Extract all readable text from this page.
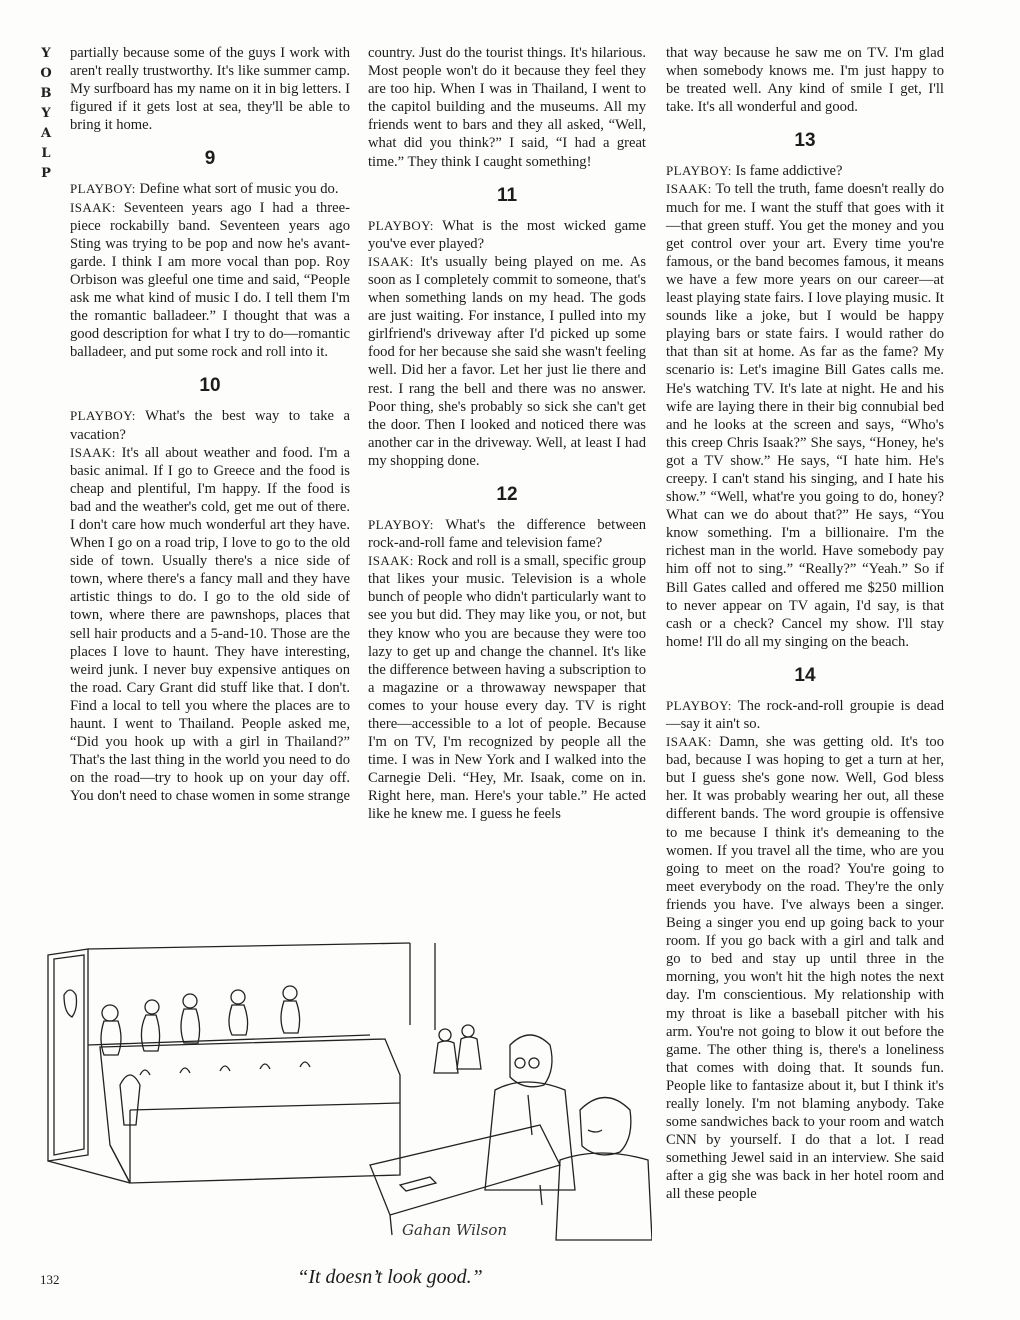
Y
O
B
Y
A
L
P

partially because some of the guys I work with aren't really trustworthy. It's like summer camp. My surfboard has my name on it in big letters. I figured if it gets lost at sea, they'll be able to bring it home.

9

PLAYBOY: Define what sort of music you do.

ISAAK: Seventeen years ago I had a three-piece rockabilly band. Seventeen years ago Sting was trying to be pop and now he's avant-garde. I think I am more vocal than pop. Roy Orbison was gleeful one time and said, “People ask me what kind of music I do. I tell them I'm the romantic balladeer.” I thought that was a good description for what I try to do—romantic balladeer, and put some rock and roll into it.

10

PLAYBOY: What's the best way to take a vacation?

ISAAK: It's all about weather and food. I'm a basic animal. If I go to Greece and the food is cheap and plentiful, I'm happy. If the food is bad and the weather's cold, get me out of there. I don't care how much wonderful art they have. When I go on a road trip, I love to go to the old side of town. Usually there's a nice side of town, where there's a fancy mall and they have artistic things to do. I go to the old side of town, where there are pawnshops, places that sell hair products and a 5-and-10. Those are the places I love to haunt. They have interesting, weird junk. I never buy expensive antiques on the road. Cary Grant did stuff like that. I don't. Find a local to tell you where the places are to haunt. I went to Thailand. People asked me, “Did you hook up with a girl in Thailand?” That's the last thing in the world you need to do on the road—try to hook up on your day off. You don't need to chase women in some strange

country. Just do the tourist things. It's hilarious. Most people won't do it because they feel they are too hip. When I was in Thailand, I went to the capitol building and the museums. All my friends went to bars and they all asked, “Well, what did you think?” I said, “I had a great time.” They think I caught something!

11

PLAYBOY: What is the most wicked game you've ever played?

ISAAK: It's usually being played on me. As soon as I completely commit to someone, that's when something lands on my head. The gods are just waiting. For instance, I pulled into my girlfriend's driveway after I'd picked up some food for her because she said she wasn't feeling well. Did her a favor. Let her just lie there and rest. I rang the bell and there was no answer. Poor thing, she's probably so sick she can't get the door. Then I looked and noticed there was another car in the driveway. Well, at least I had my shopping done.

12

PLAYBOY: What's the difference between rock-and-roll fame and television fame?

ISAAK: Rock and roll is a small, specific group that likes your music. Television is a whole bunch of people who didn't particularly want to see you but did. They may like you, or not, but they know who you are because they were too lazy to get up and change the channel. It's like the difference between having a subscription to a magazine or a throwaway newspaper that comes to your house every day. TV is right there—accessible to a lot of people. Because I'm on TV, I'm recognized by people all the time. I was in New York and I walked into the Carnegie Deli. “Hey, Mr. Isaak, come on in. Right here, man. Here's your table.” He acted like he knew me. I guess he feels

that way because he saw me on TV. I'm glad when somebody knows me. I'm just happy to be treated well. Any kind of smile I get, I'll take. It's all wonderful and good.

13

PLAYBOY: Is fame addictive?

ISAAK: To tell the truth, fame doesn't really do much for me. I want the stuff that goes with it—that green stuff. You get the money and you get control over your art. Every time you're famous, or the band becomes famous, it means we have a few more years on our career—at least playing state fairs. I love playing music. It sounds like a joke, but I would be happy playing bars or state fairs. I would rather do that than sit at home. As far as the fame? My scenario is: Let's imagine Bill Gates calls me. He's watching TV. It's late at night. He and his wife are laying there in their big connubial bed and he looks at the screen and says, “Who's this creep Chris Isaak?” She says, “Honey, he's got a TV show.” He says, “I hate him. He's creepy. I can't stand his singing, and I hate his show.” “Well, what're you going to do, honey? What can we do about that?” He says, “You know something. I'm a billionaire. I'm the richest man in the world. Have somebody pay him off not to sing.” “Really?” “Yeah.” So if Bill Gates called and offered me $250 million to never appear on TV again, I'd say, is that cash or a check? Cancel my show. I'll stay home! I'll do all my singing on the beach.

14

PLAYBOY: The rock-and-roll groupie is dead—say it ain't so.

ISAAK: Damn, she was getting old. It's too bad, because I was hoping to get a turn at her, but I guess she's gone now. Well, God bless her. It was probably wearing her out, all these different bands. The word groupie is offensive to me because I think it's demeaning to the women. If you travel all the time, who are you going to meet on the road? You're going to meet everybody on the road. They're the only friends you have. I've always been a singer. Being a singer you end up going back to your room. If you go back with a girl and talk and go to bed and stay up until three in the morning, you won't hit the high notes the next day. I'm conscientious. My relationship with my throat is like a baseball pitcher with his arm. You're not going to blow it out before the game. The other thing is, there's a loneliness that comes with doing that. It sounds fun. People like to fantasize about it, but I think it's really lonely. I'm not blaming anybody. Take some sandwiches back to your room and watch CNN by yourself. I do that a lot. I read something Jewel said in an interview. She said after a gig she was back in her hotel room and all these people

Gahan Wilson
“It doesn’t look good.”
132
